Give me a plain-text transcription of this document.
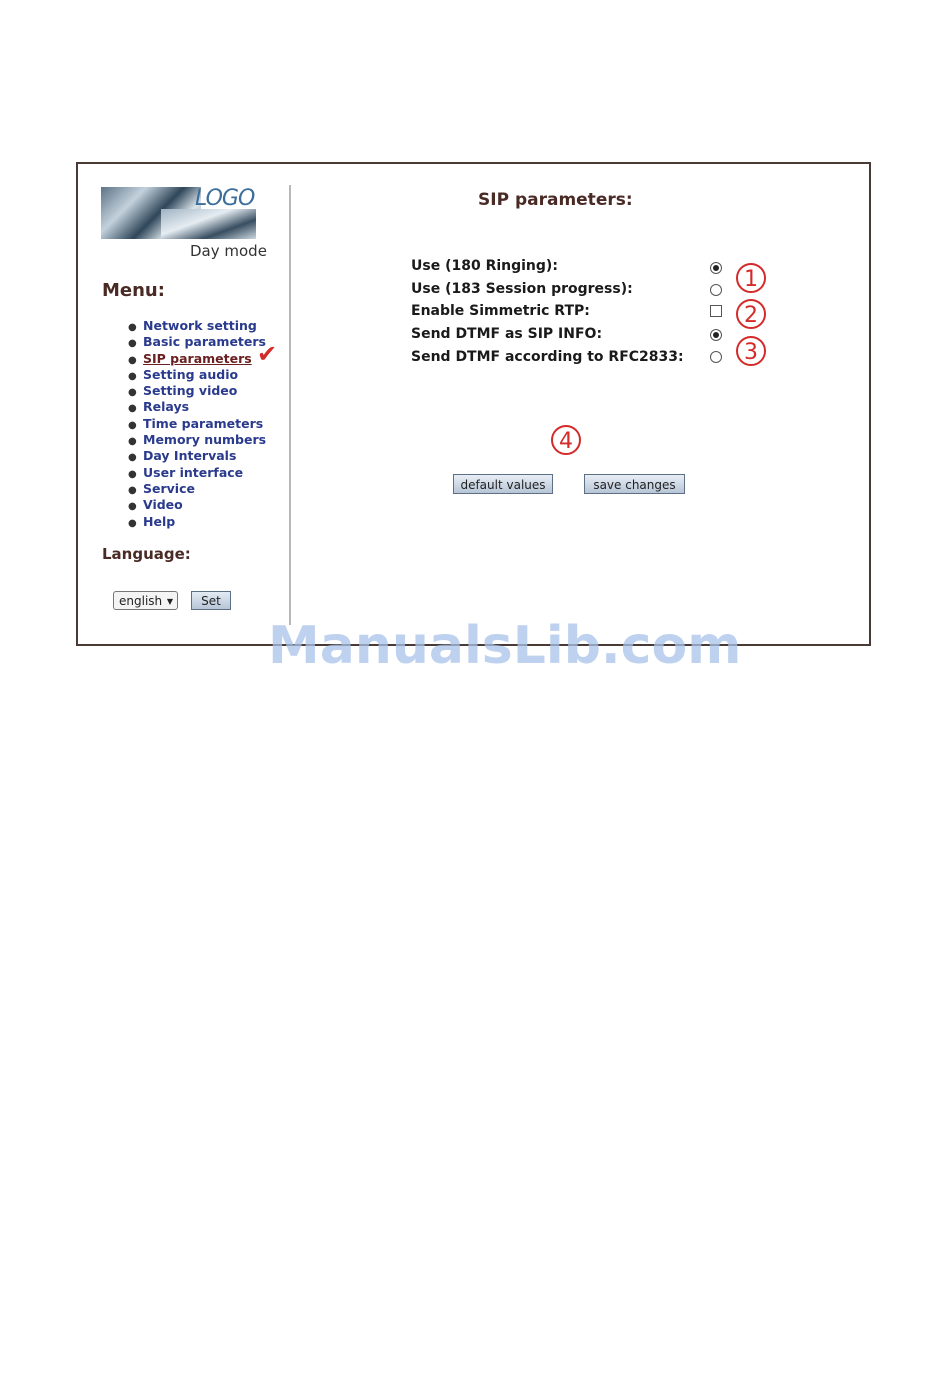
LOGO
Day mode
Menu:
● Network setting
● Basic parameters
● SIP parameters
● Setting audio
● Setting video
● Relays
● Time parameters
● Memory numbers
● Day Intervals
● User interface
● Service
● Video
● Help
✔
Language:
english ▼	Set
SIP parameters:
Use (180 Ringing):
Use (183 Session progress):
Enable Simmetric RTP:
Send DTMF as SIP INFO:
Send DTMF according to RFC2833:
1
2
3
4
default values	save changes
ManualsLib.com
